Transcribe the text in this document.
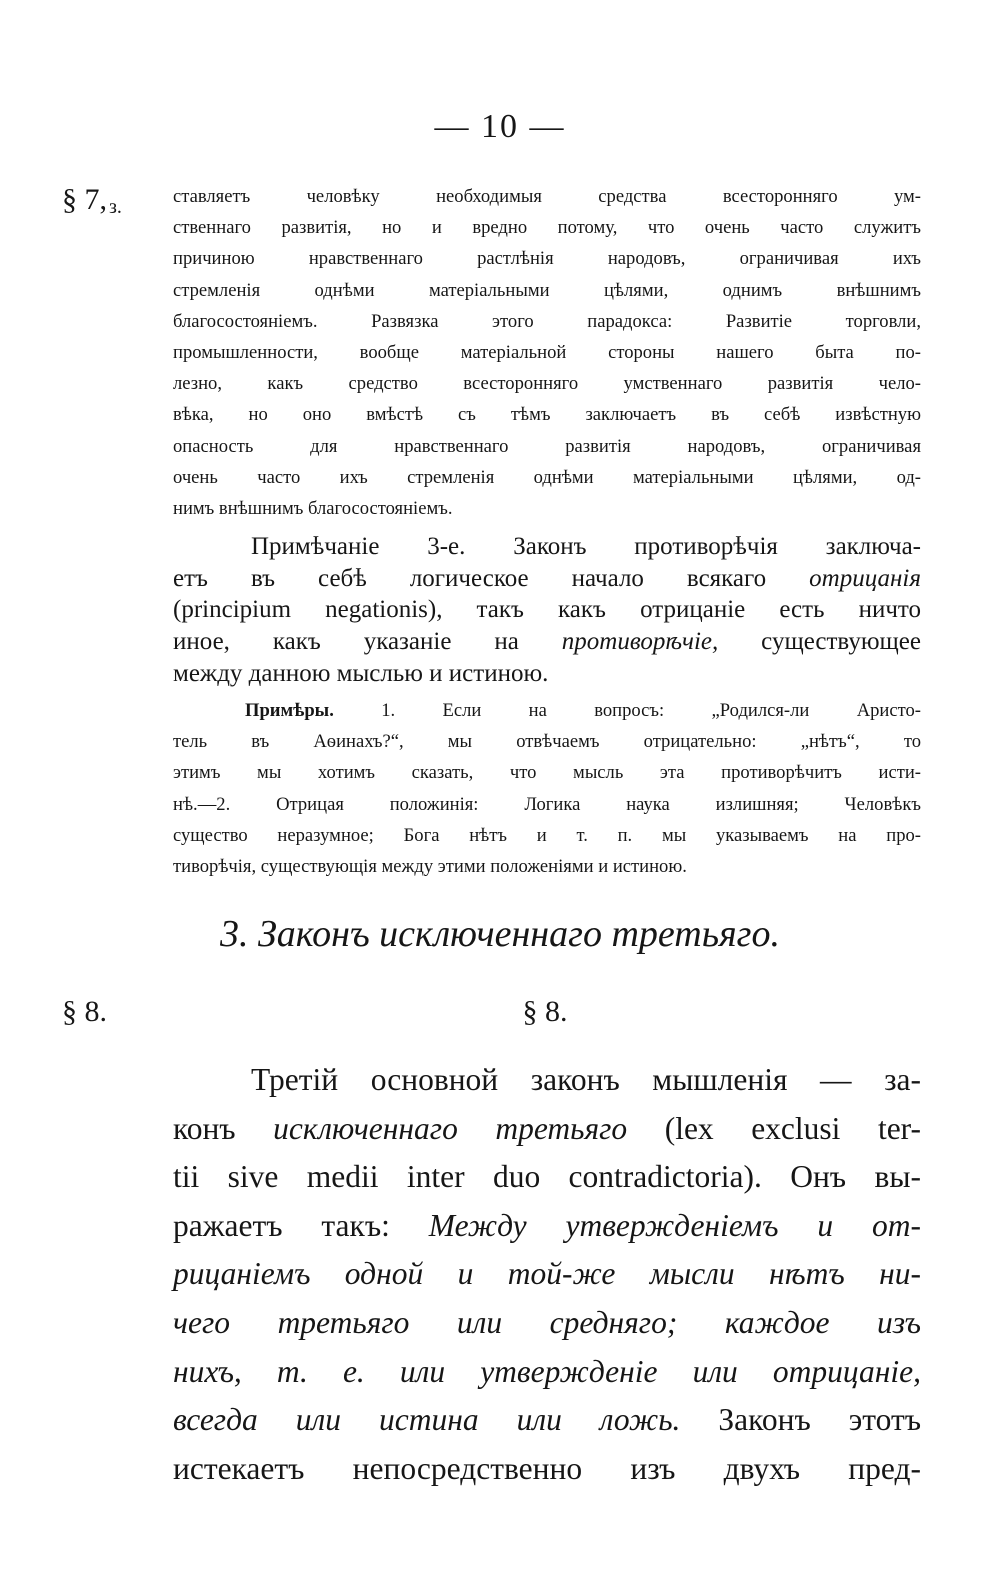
— 10 —
§ 7, $_{з.}$	ставляетъ человѣку необходимыя средства всесторонняго ум-
ственнаго развитія, но и вредно потому, что очень часто служитъ
причиною нравственнаго растлѣнія народовъ, ограничивая ихъ
стремленія однѣми матеріальными цѣлями, однимъ внѣшнимъ
благосостояніемъ. Развязка этого парадокса: Развитіе торговли,
промышленности, вообще матеріальной стороны нашего быта по-
лезно, какъ средство всесторонняго умственнаго развитія чело-
вѣка, но оно вмѣстѣ съ тѣмъ заключаетъ въ себѣ извѣстную
опасность для нравственнаго развитія народовъ, ограничивая
очень часто ихъ стремленія однѣми матеріальными цѣлями, од-
нимъ внѣшнимъ благосостояніемъ.
Примѣчаніе 3-е. Законъ противорѣчія заключа-
етъ въ себѣ логическое начало всякаго отрицанія
(principium negationis), такъ какъ отрицаніе есть ничто
иное, какъ указаніе на противорѣчіе, существующее
между данною мыслью и истиною.
Примѣры.	1. Если на вопросъ: „Родился-ли Аристо-
тель въ Аѳинахъ?“, мы отвѣчаемъ отрицательно: „нѣтъ“, то
этимъ мы хотимъ сказать, что мысль эта противорѣчитъ исти-
нѣ.—2. Отрицая положинія: Логика наука излишняя; Человѣкъ
существо неразумное; Бога нѣтъ и т. п. мы указываемъ на про-
тиворѣчія, существующія между этими положеніями и истиною.
3. Законъ исключеннаго третьяго.
§ 8.	§ 8.
Третій основной законъ мышленія — за-
конъ исключеннаго третьяго (lex exclusi ter-
tii sive medii inter duo contradictoria). Онъ вы-
ражаетъ такъ: Между утвержденіемъ и от-
рицаніемъ одной и той-же мысли нѣтъ ни-
чего третьяго или средняго; каждое изъ
нихъ, т. е. или утвержденіе или отрицаніе,
всегда или истина или ложь. Законъ этотъ
истекаетъ непосредственно изъ двухъ пред-
